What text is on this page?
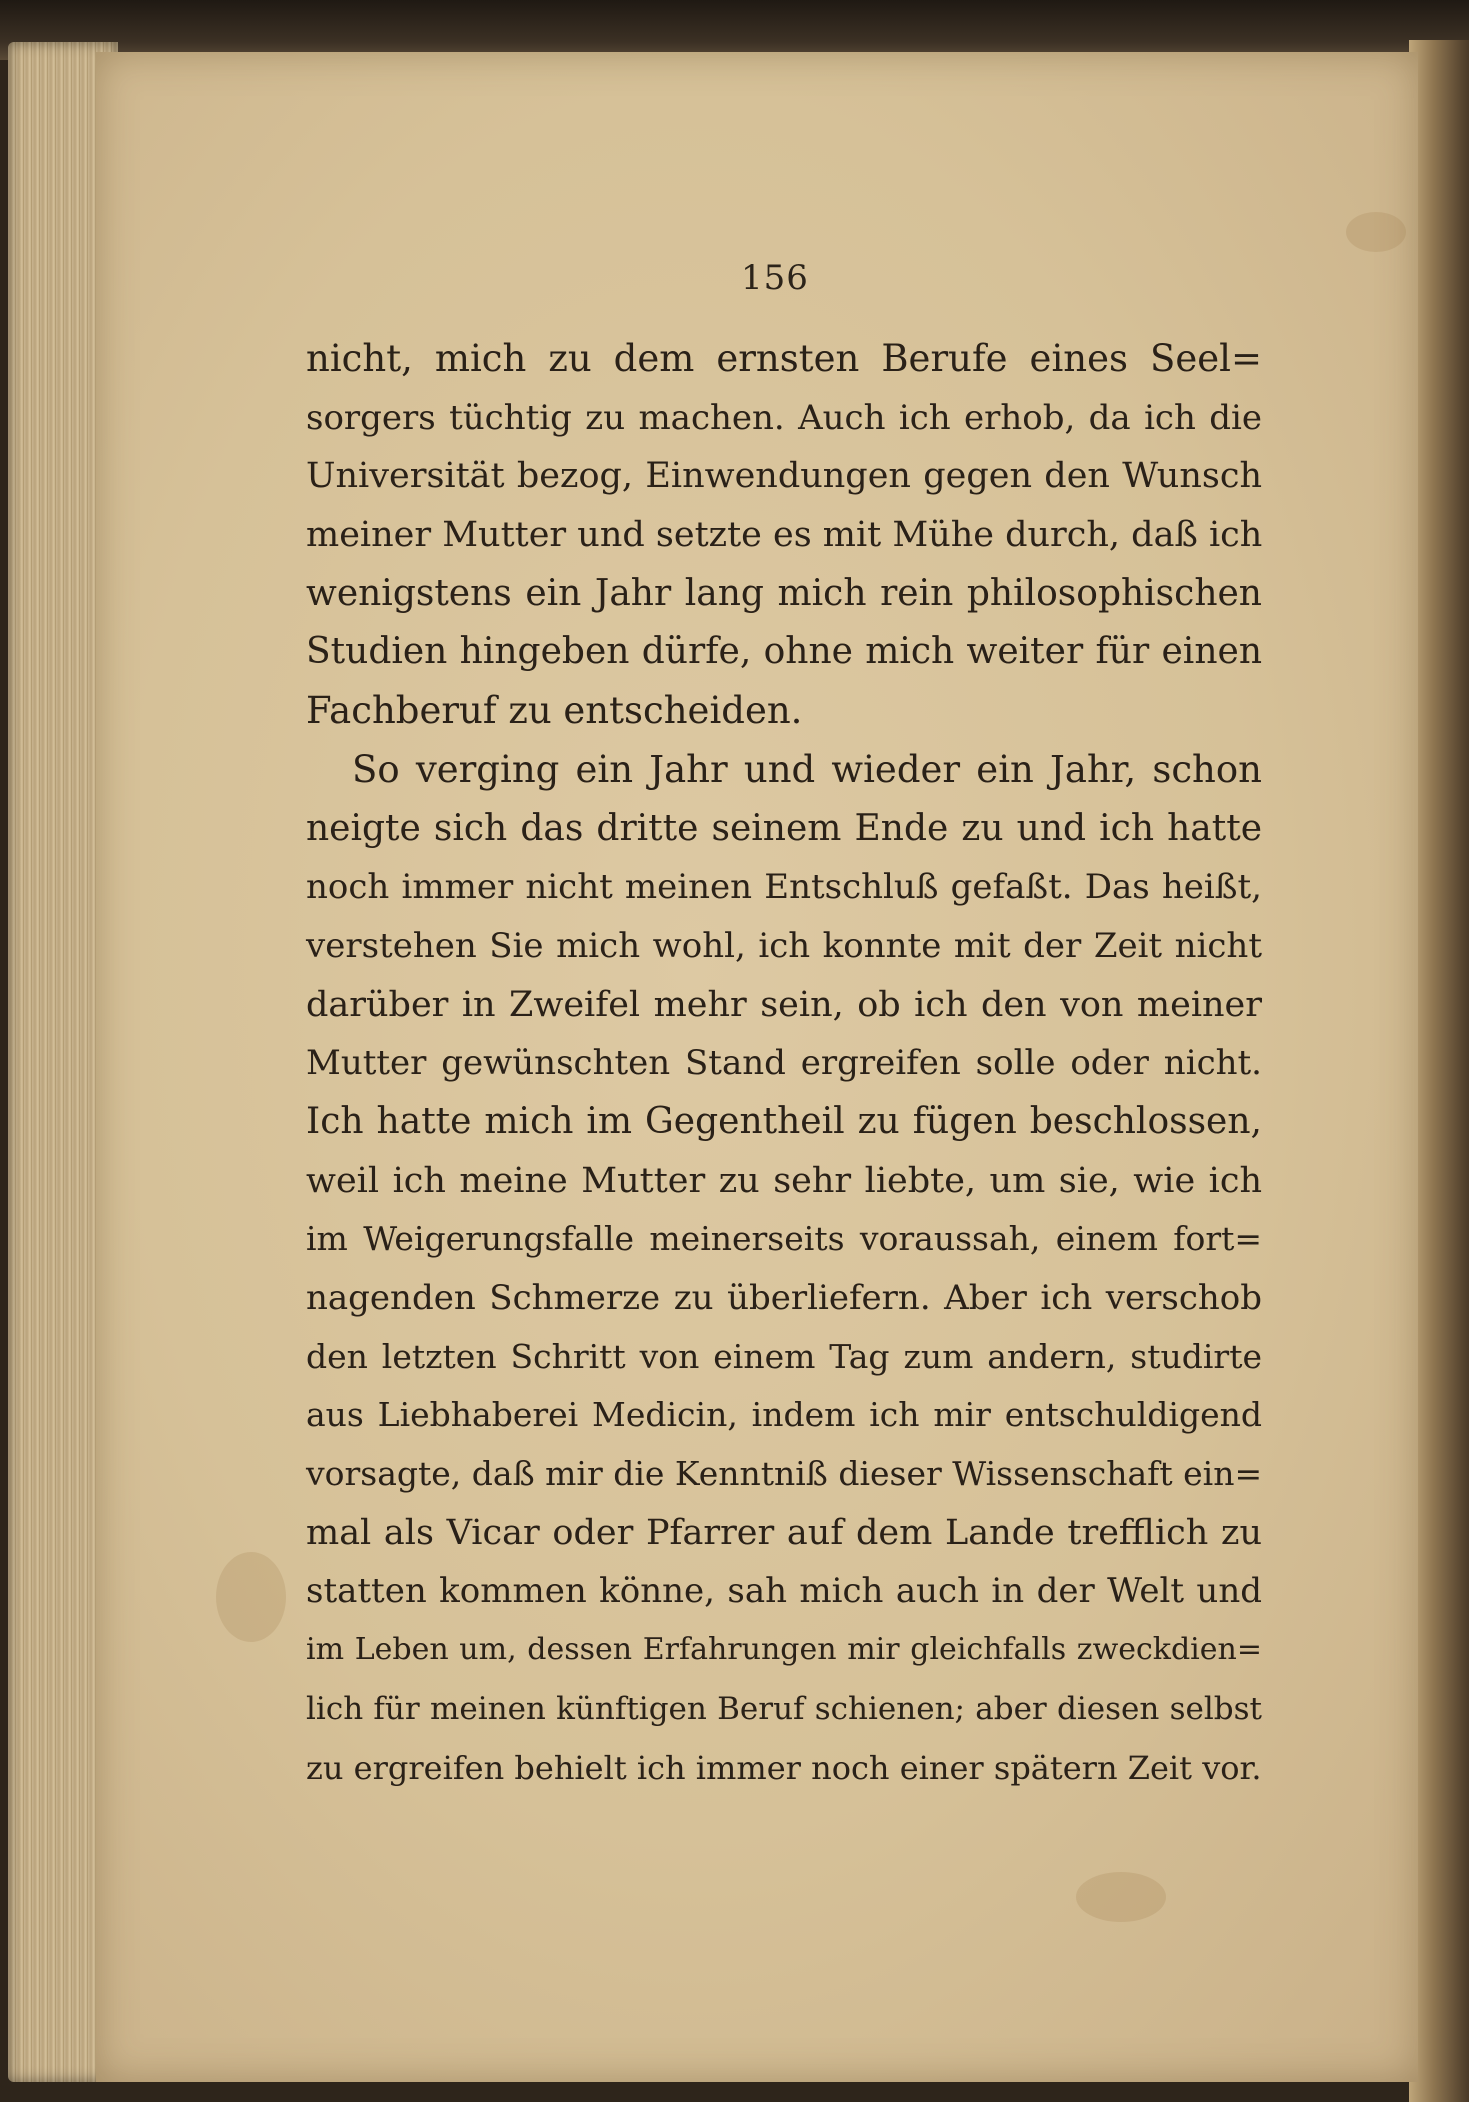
156
nicht, mich zu dem ernsten Berufe eines Seel=
sorgers tüchtig zu machen. Auch ich erhob, da ich die
Universität bezog, Einwendungen gegen den Wunsch
meiner Mutter und setzte es mit Mühe durch, daß ich
wenigstens ein Jahr lang mich rein philosophischen
Studien hingeben dürfe, ohne mich weiter für einen
Fachberuf zu entscheiden.
So verging ein Jahr und wieder ein Jahr, schon
neigte sich das dritte seinem Ende zu und ich hatte
noch immer nicht meinen Entschluß gefaßt. Das heißt,
verstehen Sie mich wohl, ich konnte mit der Zeit nicht
darüber in Zweifel mehr sein, ob ich den von meiner
Mutter gewünschten Stand ergreifen solle oder nicht.
Ich hatte mich im Gegentheil zu fügen beschlossen,
weil ich meine Mutter zu sehr liebte, um sie, wie ich
im Weigerungsfalle meinerseits voraussah, einem fort=
nagenden Schmerze zu überliefern. Aber ich verschob
den letzten Schritt von einem Tag zum andern, studirte
aus Liebhaberei Medicin, indem ich mir entschuldigend
vorsagte, daß mir die Kenntniß dieser Wissenschaft ein=
mal als Vicar oder Pfarrer auf dem Lande trefflich zu
statten kommen könne, sah mich auch in der Welt und
im Leben um, dessen Erfahrungen mir gleichfalls zweckdien=
lich für meinen künftigen Beruf schienen; aber diesen selbst
zu ergreifen behielt ich immer noch einer spätern Zeit vor.
